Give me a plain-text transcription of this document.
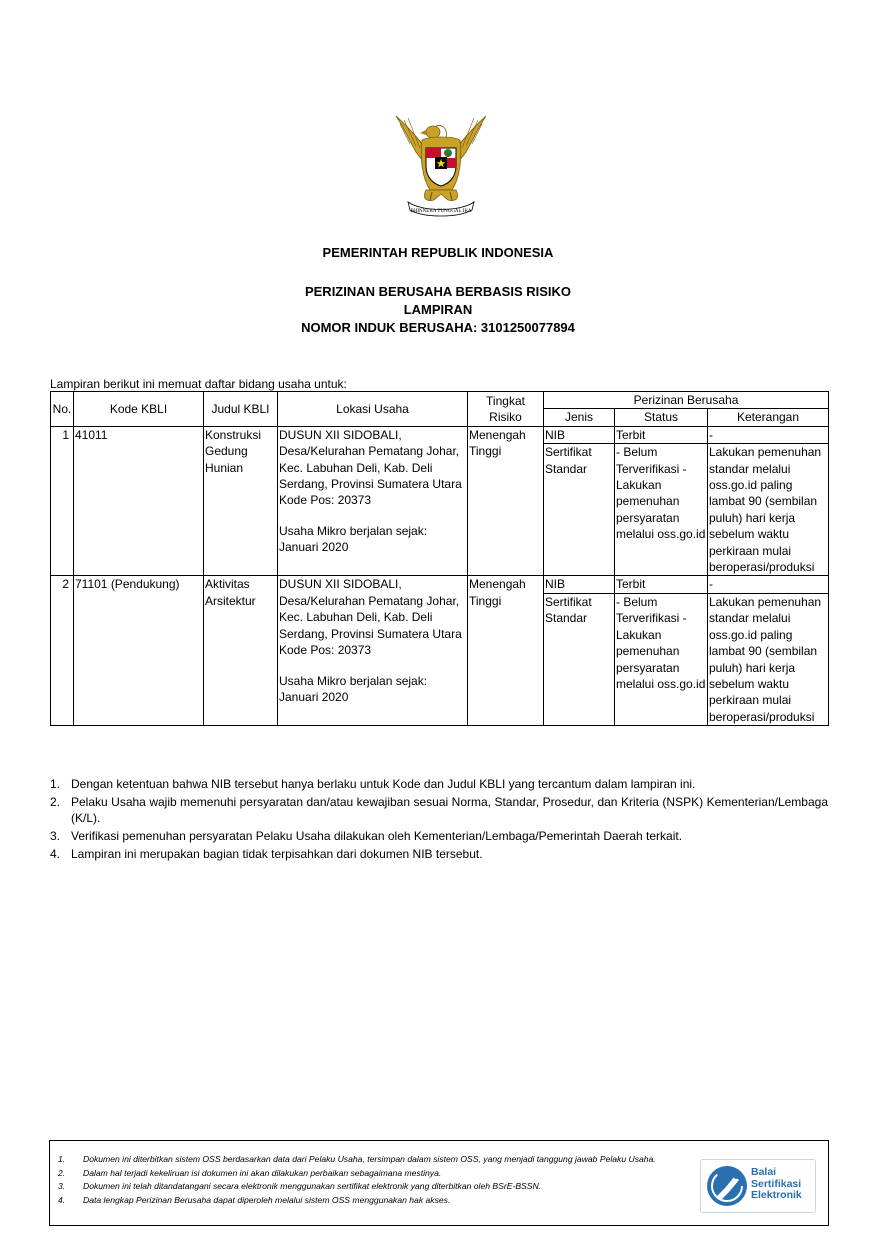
BHINNEKA TUNGGAL IKA
PEMERINTAH REPUBLIK INDONESIA
PERIZINAN BERUSAHA BERBASIS RISIKO
LAMPIRAN
NOMOR INDUK BERUSAHA: 3101250077894
Lampiran berikut ini memuat daftar bidang usaha untuk:
No.	Kode KBLI	Judul KBLI	Lokasi Usaha	Tingkat Risiko	Perizinan Berusaha		
					Jenis	Status	Keterangan
1	41011	Konstruksi Gedung Hunian	DUSUN XII SIDOBALI, Desa/Kelurahan Pematang Johar, Kec. Labuhan Deli, Kab. Deli Serdang, Provinsi Sumatera Utara
Kode Pos: 20373
Usaha Mikro berjalan sejak: Januari 2020	Menengah Tinggi	NIB	Terbit	-
					Sertifikat Standar	- Belum Terverifikasi - Lakukan pemenuhan persyaratan melalui oss.go.id	Lakukan pemenuhan standar melalui oss.go.id paling lambat 90 (sembilan puluh) hari kerja sebelum waktu perkiraan mulai beroperasi/produksi
2	71101 (Pendukung)	Aktivitas Arsitektur	DUSUN XII SIDOBALI, Desa/Kelurahan Pematang Johar, Kec. Labuhan Deli, Kab. Deli Serdang, Provinsi Sumatera Utara
Kode Pos: 20373
Usaha Mikro berjalan sejak: Januari 2020	Menengah Tinggi	NIB	Terbit	-
					Sertifikat Standar	- Belum Terverifikasi - Lakukan pemenuhan persyaratan melalui oss.go.id	Lakukan pemenuhan standar melalui oss.go.id paling lambat 90 (sembilan puluh) hari kerja sebelum waktu perkiraan mulai beroperasi/produksi
1. Dengan ketentuan bahwa NIB tersebut hanya berlaku untuk Kode dan Judul KBLI yang tercantum dalam lampiran ini.
2. Pelaku Usaha wajib memenuhi persyaratan dan/atau kewajiban sesuai Norma, Standar, Prosedur, dan Kriteria (NSPK) Kementerian/Lembaga (K/L).
3. Verifikasi pemenuhan persyaratan Pelaku Usaha dilakukan oleh Kementerian/Lembaga/Pemerintah Daerah terkait.
4. Lampiran ini merupakan bagian tidak terpisahkan dari dokumen NIB tersebut.
1.	Dokumen ini diterbitkan sistem OSS berdasarkan data dari Pelaku Usaha, tersimpan dalam sistem OSS, yang menjadi tanggung jawab Pelaku Usaha.
2.	Dalam hal terjadi kekeliruan isi dokumen ini akan dilakukan perbaikan sebagaimana mestinya.
3.	Dokumen ini telah ditandatangani secara elektronik menggunakan sertifikat elektronik yang diterbitkan oleh BSrE-BSSN.
4.	Data lengkap Perizinan Berusaha dapat diperoleh melalui sistem OSS menggunakan hak akses.
Balai
Sertifikasi
Elektronik
